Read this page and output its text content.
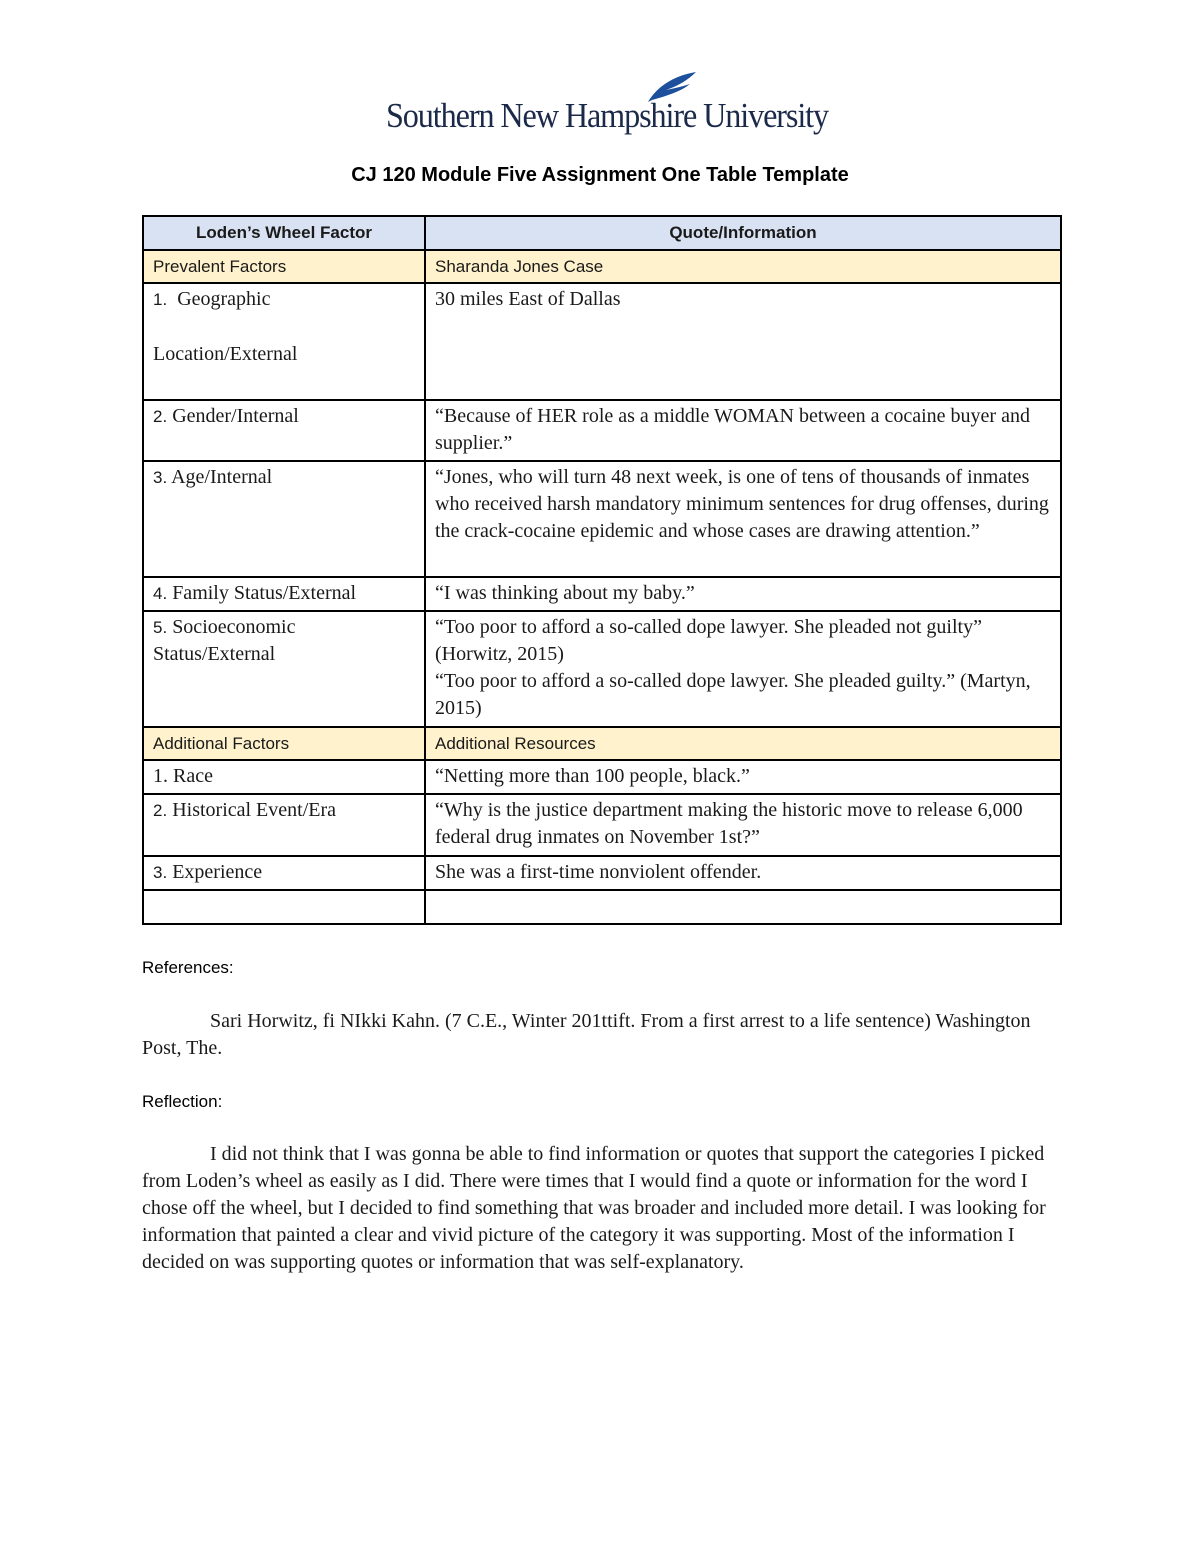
Southern New Hampshire University
CJ 120 Module Five Assignment One Table Template
Loden’s Wheel Factor	Quote/Information
Prevalent Factors	Sharanda Jones Case
1. Geographic
Location/External	30 miles East of Dallas
2. Gender/Internal	“Because of HER role as a middle WOMAN between a cocaine buyer and supplier.”
3. Age/Internal	“Jones, who will turn 48 next week, is one of tens of thousands of inmates who received harsh mandatory minimum sentences for drug offenses, during the crack-cocaine epidemic and whose cases are drawing attention.”
4. Family Status/External	“I was thinking about my baby.”
5. Socioeconomic Status/External	“Too poor to afford a so-called dope lawyer. She pleaded not guilty” (Horwitz, 2015)
“Too poor to afford a so-called dope lawyer. She pleaded guilty.” (Martyn, 2015)

Additional Factors	Additional Resources
1. Race	“Netting more than 100 people, black.”
2. Historical Event/Era	“Why is the justice department making the historic move to release 6,000 federal drug inmates on November 1st?”
3. Experience	She was a first-time nonviolent offender.

References:

Sari Horwitz, fi NIkki Kahn. (7 C.E., Winter 201ttift. From a first arrest to a life sentence) Washington Post, The.

Reflection:

I did not think that I was gonna be able to find information or quotes that support the categories I picked from Loden’s wheel as easily as I did. There were times that I would find a quote or information for the word I chose off the wheel, but I decided to find something that was broader and included more detail. I was looking for information that painted a clear and vivid picture of the category it was supporting. Most of the information I decided on was supporting quotes or information that was self-explanatory.
